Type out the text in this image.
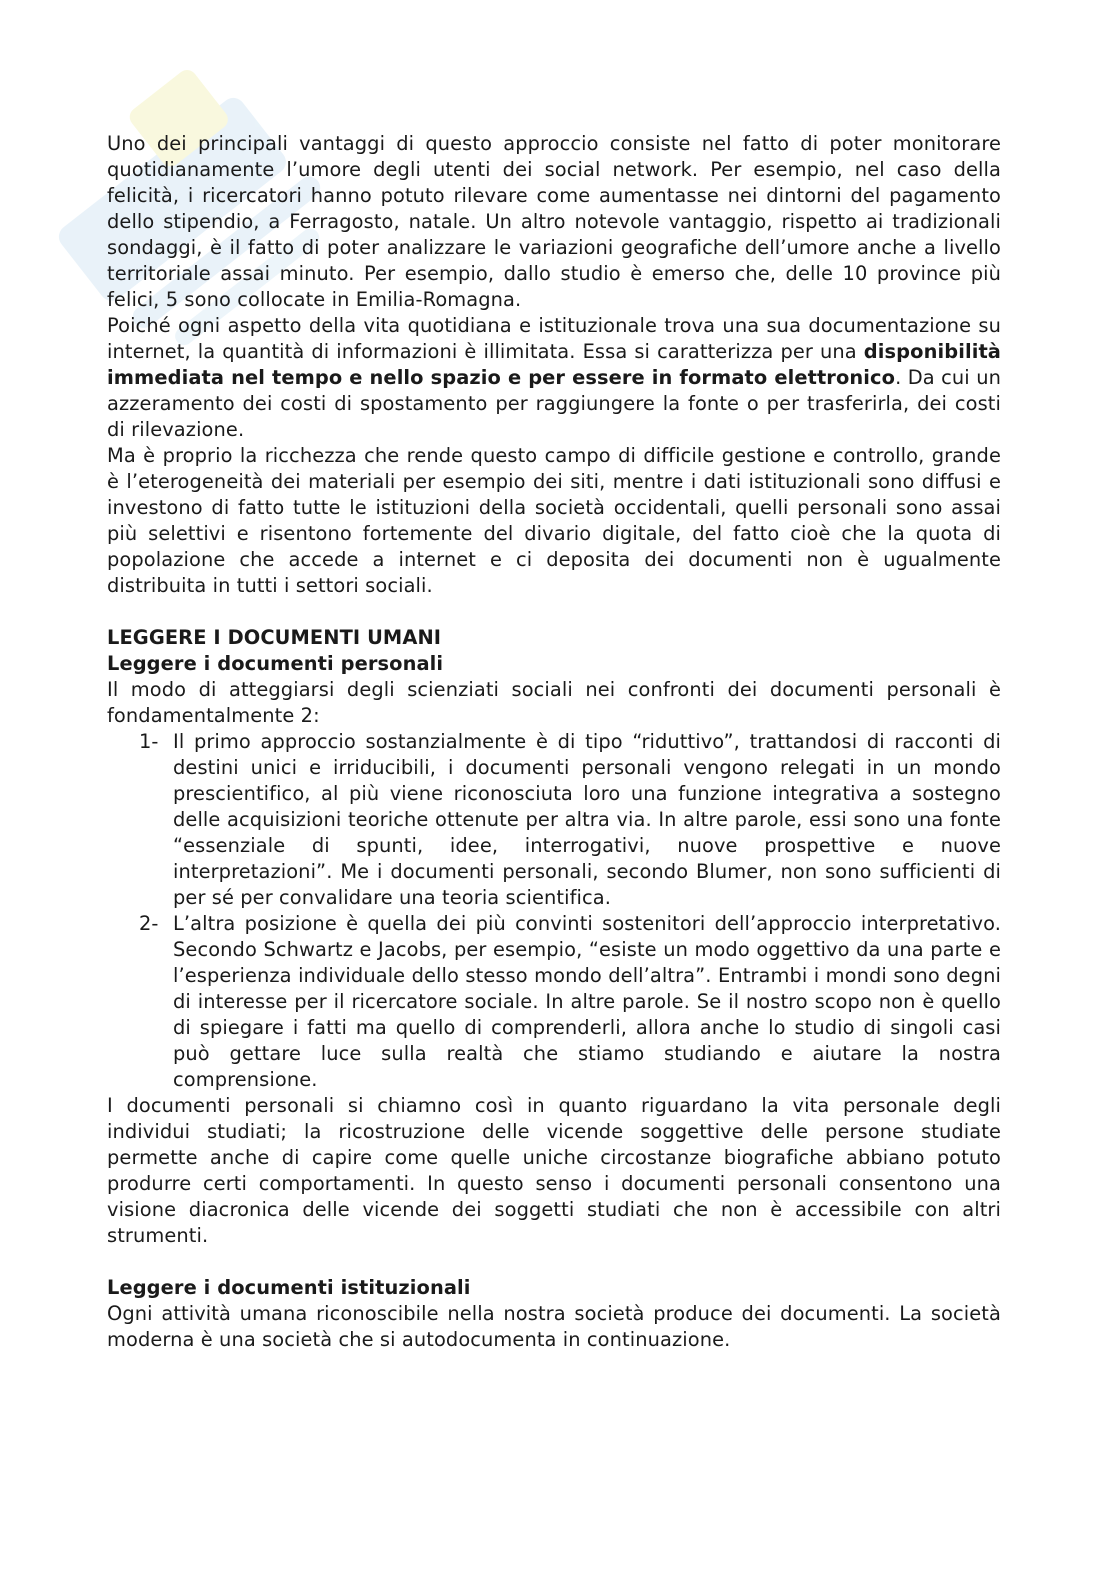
Uno dei principali vantaggi di questo approccio consiste nel fatto di poter monitorare quotidianamente l’umore degli utenti dei social network. Per esempio, nel caso della felicità, i ricercatori hanno potuto rilevare come aumentasse nei dintorni del pagamento dello stipendio, a Ferragosto, natale. Un altro notevole vantaggio, rispetto ai tradizionali sondaggi, è il fatto di poter analizzare le variazioni geografiche dell’umore anche a livello territoriale assai minuto. Per esempio, dallo studio è emerso che, delle 10 province più felici, 5 sono collocate in Emilia-Romagna.

Poiché ogni aspetto della vita quotidiana e istituzionale trova una sua documentazione su internet, la quantità di informazioni è illimitata. Essa si caratterizza per una disponibilità immediata nel tempo e nello spazio e per essere in formato elettronico. Da cui un azzeramento dei costi di spostamento per raggiungere la fonte o per trasferirla, dei costi di rilevazione.

Ma è proprio la ricchezza che rende questo campo di difficile gestione e controllo, grande è l’eterogeneità dei materiali per esempio dei siti, mentre i dati istituzionali sono diffusi e investono di fatto tutte le istituzioni della società occidentali, quelli personali sono assai più selettivi e risentono fortemente del divario digitale, del fatto cioè che la quota di popolazione che accede a internet e ci deposita dei documenti non è ugualmente distribuita in tutti i settori sociali.

LEGGERE I DOCUMENTI UMANI
Leggere i documenti personali

Il modo di atteggiarsi degli scienziati sociali nei confronti dei documenti personali è fondamentalmente 2:

1- Il primo approccio sostanzialmente è di tipo “riduttivo”, trattandosi di racconti di destini unici e irriducibili, i documenti personali vengono relegati in un mondo prescientifico, al più viene riconosciuta loro una funzione integrativa a sostegno delle acquisizioni teoriche ottenute per altra via. In altre parole, essi sono una fonte “essenziale di spunti, idee, interrogativi, nuove prospettive e nuove interpretazioni”. Me i documenti personali, secondo Blumer, non sono sufficienti di per sé per convalidare una teoria scientifica.
2- L’altra posizione è quella dei più convinti sostenitori dell’approccio interpretativo. Secondo Schwartz e Jacobs, per esempio, “esiste un modo oggettivo da una parte e l’esperienza individuale dello stesso mondo dell’altra”. Entrambi i mondi sono degni di interesse per il ricercatore sociale. In altre parole. Se il nostro scopo non è quello di spiegare i fatti ma quello di comprenderli, allora anche lo studio di singoli casi può gettare luce sulla realtà che stiamo studiando e aiutare la nostra comprensione.

I documenti personali si chiamno così in quanto riguardano la vita personale degli individui studiati; la ricostruzione delle vicende soggettive delle persone studiate permette anche di capire come quelle uniche circostanze biografiche abbiano potuto produrre certi comportamenti. In questo senso i documenti personali consentono una visione diacronica delle vicende dei soggetti studiati che non è accessibile con altri strumenti.

Leggere i documenti istituzionali

Ogni attività umana riconoscibile nella nostra società produce dei documenti. La società moderna è una società che si autodocumenta in continuazione.
